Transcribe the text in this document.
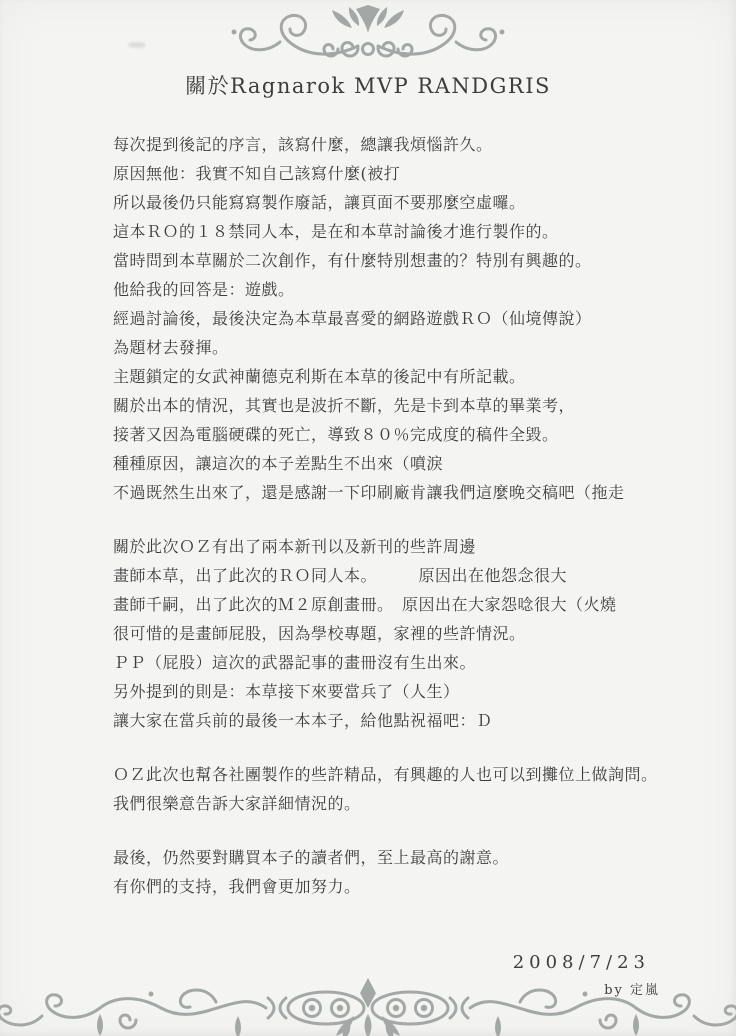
關於Ragnarok MVP RANDGRIS
每次提到後記的序言，該寫什麼，總讓我煩惱許久。
原因無他：我實不知自己該寫什麼(被打
所以最後仍只能寫寫製作廢話，讓頁面不要那麼空虛囉。
這本ＲＯ的１８禁同人本，是在和本草討論後才進行製作的。
當時問到本草關於二次創作，有什麼特別想畫的？特別有興趣的。
他給我的回答是：遊戲。
經過討論後，最後決定為本草最喜愛的網路遊戲ＲＯ（仙境傳說）
為題材去發揮。
主題鎖定的女武神蘭德克利斯在本草的後記中有所記載。
關於出本的情況，其實也是波折不斷，先是卡到本草的畢業考，
接著又因為電腦硬碟的死亡，導致８０％完成度的稿件全毀。
種種原因，讓這次的本子差點生不出來（噴淚
不過既然生出來了，還是感謝一下印刷廠肯讓我們這麼晚交稿吧（拖走
關於此次ＯＺ有出了兩本新刊以及新刊的些許周邊
畫師本草，出了此次的ＲＯ同人本。　　　原因出在他怨念很大
畫師千嗣，出了此次的Ｍ２原創畫冊。　原因出在大家怨唸很大（火燒
很可惜的是畫師屁股，因為學校專題，家裡的些許情況。
ＰＰ（屁股）這次的武器記事的畫冊沒有生出來。
另外提到的則是：本草接下來要當兵了（人生）
讓大家在當兵前的最後一本本子，給他點祝福吧：Ｄ
ＯＺ此次也幫各社團製作的些許精品，有興趣的人也可以到攤位上做詢問。
我們很樂意告訴大家詳細情況的。
最後，仍然要對購買本子的讀者們，至上最高的謝意。
有你們的支持，我們會更加努力。
2008/7/23
by 定嵐
